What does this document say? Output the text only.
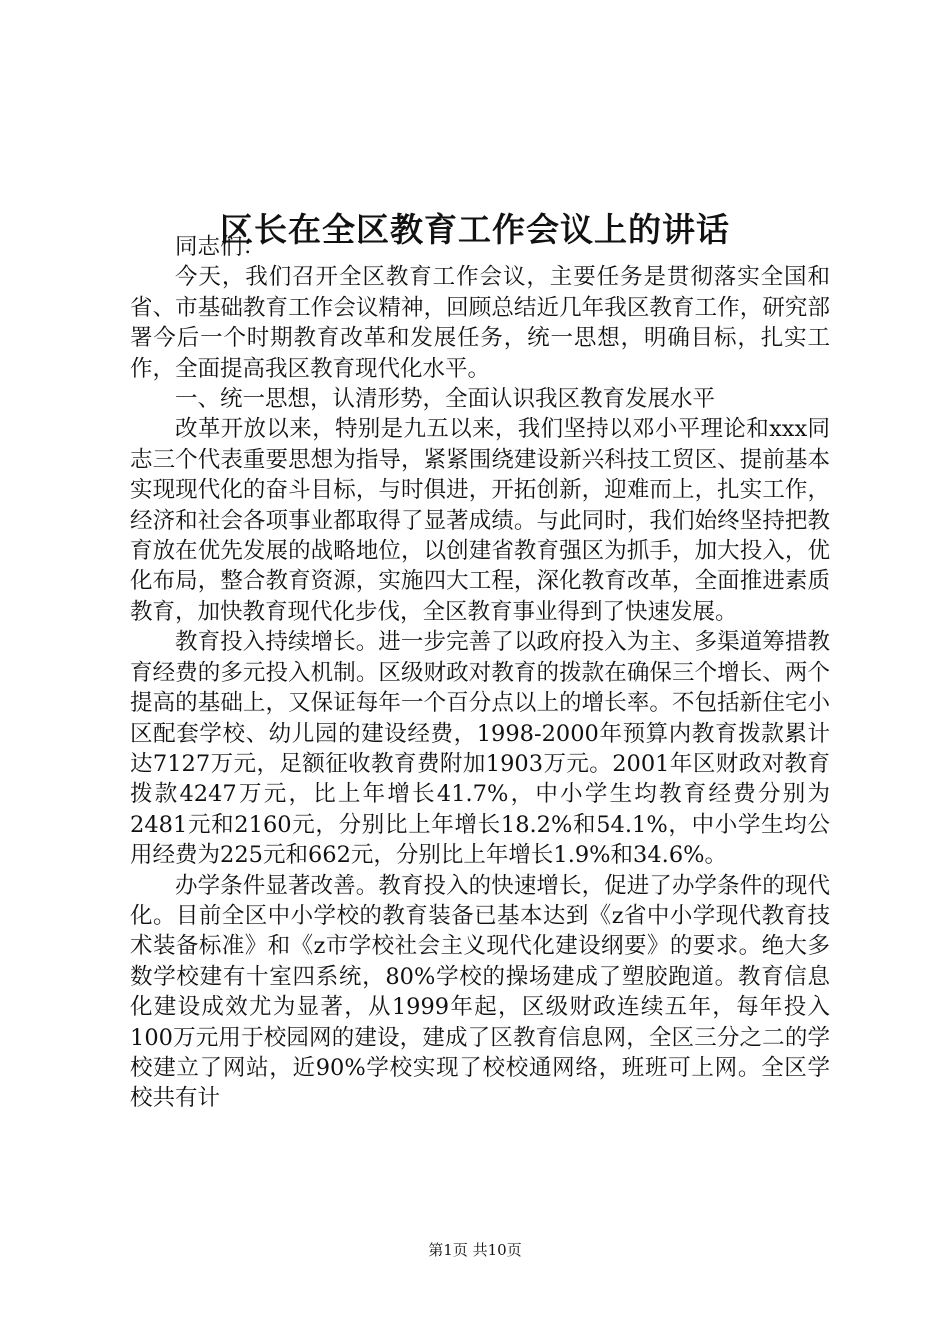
区长在全区教育工作会议上的讲话

同志们：

今天，我们召开全区教育工作会议，主要任务是贯彻落实全国和省、市基础教育工作会议精神，回顾总结近几年我区教育工作，研究部署今后一个时期教育改革和发展任务，统一思想，明确目标，扎实工作，全面提高我区教育现代化水平。

一、统一思想，认清形势，全面认识我区教育发展水平

改革开放以来，特别是九五以来，我们坚持以邓小平理论和xxx同志三个代表重要思想为指导，紧紧围绕建设新兴科技工贸区、提前基本实现现代化的奋斗目标，与时俱进，开拓创新，迎难而上，扎实工作，经济和社会各项事业都取得了显著成绩。与此同时，我们始终坚持把教育放在优先发展的战略地位，以创建省教育强区为抓手，加大投入，优化布局，整合教育资源，实施四大工程，深化教育改革，全面推进素质教育，加快教育现代化步伐，全区教育事业得到了快速发展。

教育投入持续增长。进一步完善了以政府投入为主、多渠道筹措教育经费的多元投入机制。区级财政对教育的拨款在确保三个增长、两个提高的基础上，又保证每年一个百分点以上的增长率。不包括新住宅小区配套学校、幼儿园的建设经费，1998-2000年预算内教育拨款累计达7127万元，足额征收教育费附加1903万元。2001年区财政对教育拨款4247万元，比上年增长41.7%，中小学生均教育经费分别为2481元和2160元，分别比上年增长18.2%和54.1%，中小学生均公用经费为225元和662元，分别比上年增长1.9%和34.6%。

办学条件显著改善。教育投入的快速增长，促进了办学条件的现代化。目前全区中小学校的教育装备已基本达到《z省中小学现代教育技术装备标准》和《z市学校社会主义现代化建设纲要》的要求。绝大多数学校建有十室四系统，80%学校的操场建成了塑胶跑道。教育信息化建设成效尤为显著，从1999年起，区级财政连续五年，每年投入100万元用于校园网的建设，建成了区教育信息网，全区三分之二的学校建立了网站，近90%学校实现了校校通网络，班班可上网。全区学校共有计

第1页 共10页
